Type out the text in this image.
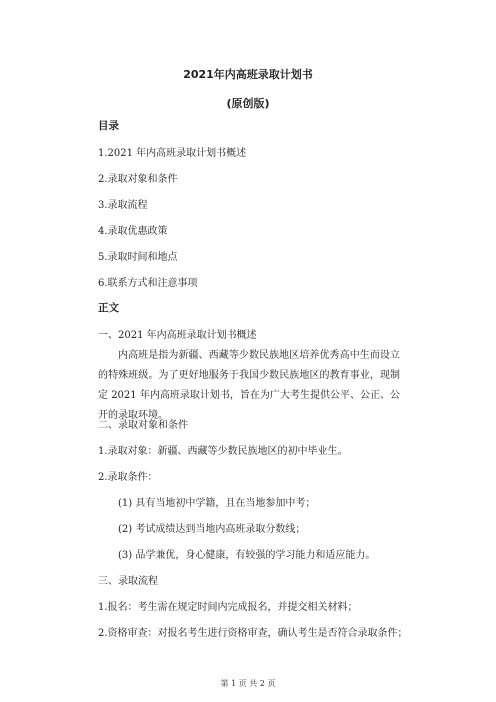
2021年内高班录取计划书
(原创版)
目录
1.2021 年内高班录取计划书概述
2.录取对象和条件
3.录取流程
4.录取优惠政策
5.录取时间和地点
6.联系方式和注意事项
正文
一、2021 年内高班录取计划书概述
内高班是指为新疆、西藏等少数民族地区培养优秀高中生而设立的特殊班级。为了更好地服务于我国少数民族地区的教育事业，现制定 2021 年内高班录取计划书，旨在为广大考生提供公平、公正、公开的录取环境。
二、录取对象和条件
1.录取对象：新疆、西藏等少数民族地区的初中毕业生。
2.录取条件：
(1) 具有当地初中学籍，且在当地参加中考；
(2) 考试成绩达到当地内高班录取分数线；
(3) 品学兼优，身心健康，有较强的学习能力和适应能力。
三、录取流程
1.报名：考生需在规定时间内完成报名，并提交相关材料；
2.资格审查：对报名考生进行资格审查，确认考生是否符合录取条件；
第 1 页 共 2 页
